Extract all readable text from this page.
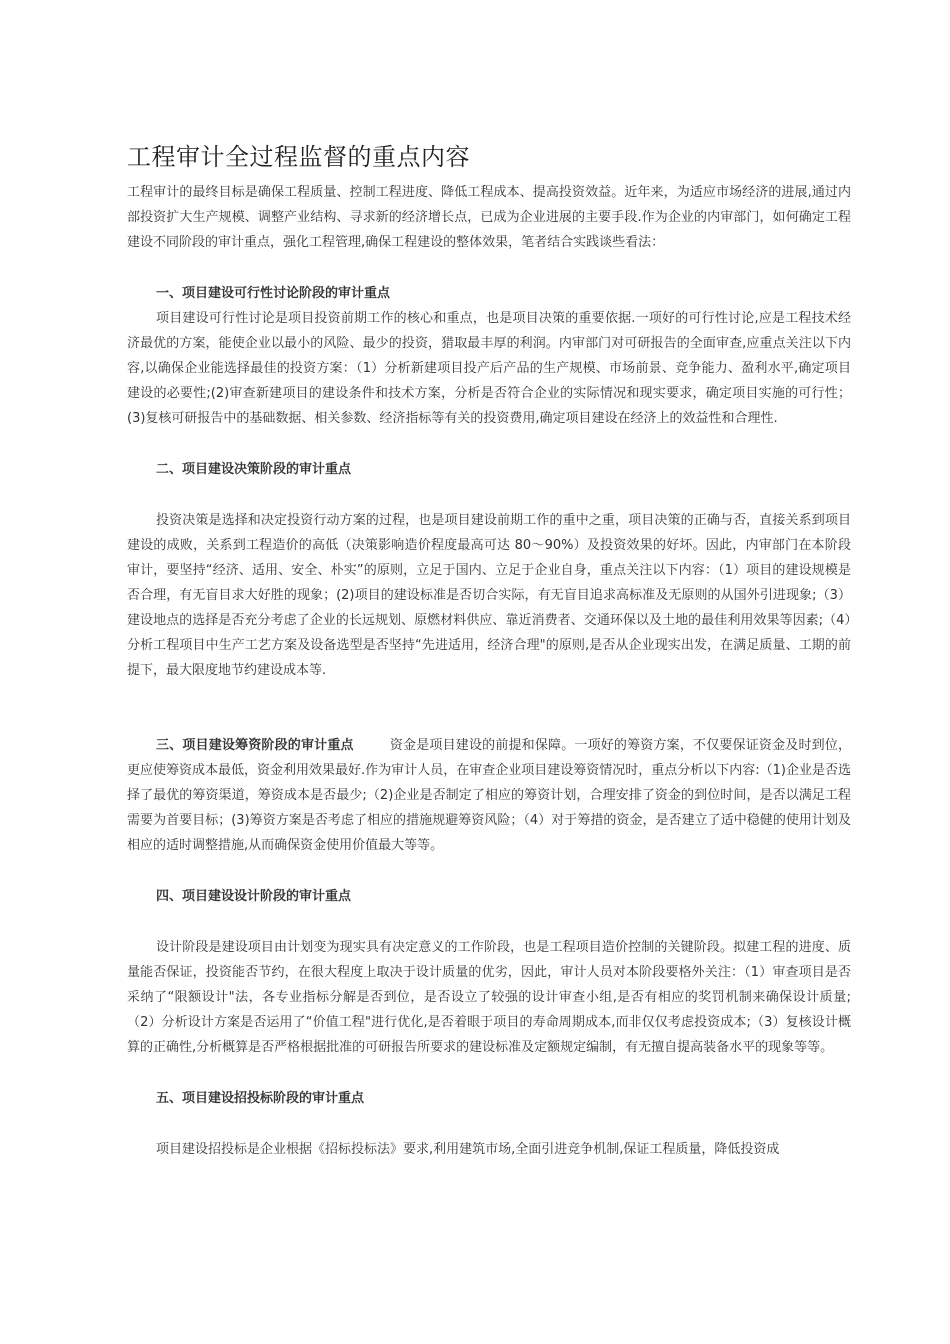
工程审计全过程监督的重点内容

工程审计的最终目标是确保工程质量、控制工程进度、降低工程成本、提高投资效益。近年来，为适应市场经济的进展,通过内部投资扩大生产规模、调整产业结构、寻求新的经济增长点，已成为企业进展的主要手段.作为企业的内审部门，如何确定工程建设不同阶段的审计重点，强化工程管理,确保工程建设的整体效果，笔者结合实践谈些看法：

一、项目建设可行性讨论阶段的审计重点

项目建设可行性讨论是项目投资前期工作的核心和重点，也是项目决策的重要依据.一项好的可行性讨论,应是工程技术经济最优的方案，能使企业以最小的风险、最少的投资，猎取最丰厚的利润。内审部门对可研报告的全面审查,应重点关注以下内容,以确保企业能选择最佳的投资方案：（1）分析新建项目投产后产品的生产规模、市场前景、竞争能力、盈利水平,确定项目建设的必要性;(2)审查新建项目的建设条件和技术方案，分析是否符合企业的实际情况和现实要求，确定项目实施的可行性；(3)复核可研报告中的基础数据、相关参数、经济指标等有关的投资费用,确定项目建设在经济上的效益性和合理性.

二、项目建设决策阶段的审计重点

投资决策是选择和决定投资行动方案的过程，也是项目建设前期工作的重中之重，项目决策的正确与否，直接关系到项目建设的成败，关系到工程造价的高低（决策影响造价程度最高可达 80～90%）及投资效果的好坏。因此，内审部门在本阶段审计，要坚持“经济、适用、安全、朴实”的原则，立足于国内、立足于企业自身，重点关注以下内容：（1）项目的建设规模是否合理，有无盲目求大好胜的现象；(2)项目的建设标准是否切合实际，有无盲目追求高标准及无原则的从国外引进现象;（3）建设地点的选择是否充分考虑了企业的长远规划、原燃材料供应、靠近消费者、交通环保以及土地的最佳利用效果等因素;（4）分析工程项目中生产工艺方案及设备选型是否坚持“先进适用，经济合理"的原则,是否从企业现实出发，在满足质量、工期的前提下，最大限度地节约建设成本等.

三、项目建设筹资阶段的审计重点	资金是项目建设的前提和保障。一项好的筹资方案，不仅要保证资金及时到位，更应使筹资成本最低，资金利用效果最好.作为审计人员，在审查企业项目建设筹资情况时，重点分析以下内容:（1)企业是否选择了最优的筹资渠道，筹资成本是否最少;（2)企业是否制定了相应的筹资计划，合理安排了资金的到位时间，是否以满足工程需要为首要目标；(3)筹资方案是否考虑了相应的措施规避筹资风险；（4）对于筹措的资金，是否建立了适中稳健的使用计划及相应的适时调整措施,从而确保资金使用价值最大等等。

四、项目建设设计阶段的审计重点

设计阶段是建设项目由计划变为现实具有决定意义的工作阶段，也是工程项目造价控制的关键阶段。拟建工程的进度、质量能否保证，投资能否节约，在很大程度上取决于设计质量的优劣，因此，审计人员对本阶段要格外关注：（1）审查项目是否采纳了“限额设计"法，各专业指标分解是否到位，是否设立了较强的设计审查小组,是否有相应的奖罚机制来确保设计质量;（2）分析设计方案是否运用了“价值工程"进行优化,是否着眼于项目的寿命周期成本,而非仅仅考虑投资成本;（3）复核设计概算的正确性,分析概算是否严格根据批准的可研报告所要求的建设标准及定额规定编制，有无擅自提高装备水平的现象等等。

五、项目建设招投标阶段的审计重点

项目建设招投标是企业根据《招标投标法》要求,利用建筑市场,全面引进竞争机制,保证工程质量，降低投资成
